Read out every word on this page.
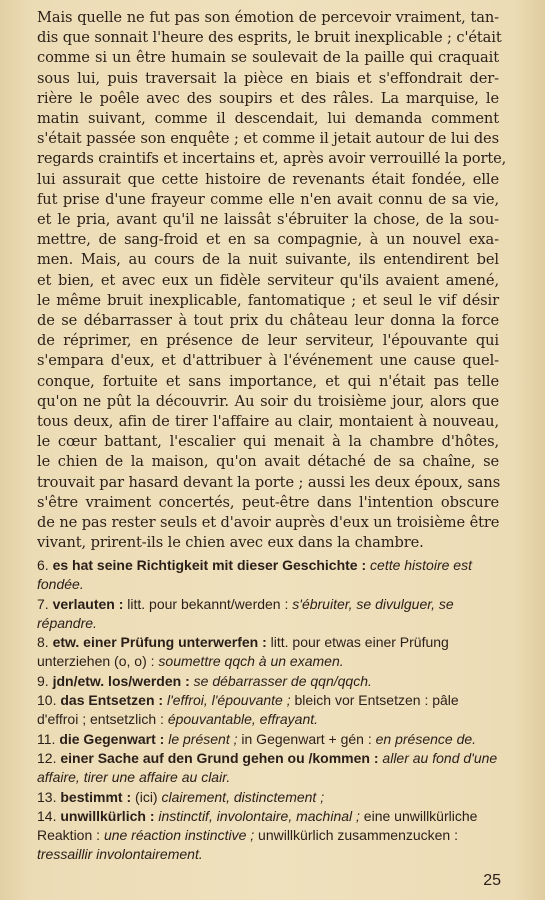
Mais quelle ne fut pas son émotion de percevoir vraiment, tan-
dis que sonnait l'heure des esprits, le bruit inexplicable ; c'était
comme si un être humain se soulevait de la paille qui craquait
sous lui, puis traversait la pièce en biais et s'effondrait der-
rière le poêle avec des soupirs et des râles. La marquise, le
matin suivant, comme il descendait, lui demanda comment
s'était passée son enquête ; et comme il jetait autour de lui des
regards craintifs et incertains et, après avoir verrouillé la porte,
lui assurait que cette histoire de revenants était fondée, elle
fut prise d'une frayeur comme elle n'en avait connu de sa vie,
et le pria, avant qu'il ne laissât s'ébruiter la chose, de la sou-
mettre, de sang-froid et en sa compagnie, à un nouvel exa-
men. Mais, au cours de la nuit suivante, ils entendirent bel
et bien, et avec eux un fidèle serviteur qu'ils avaient amené,
le même bruit inexplicable, fantomatique ; et seul le vif désir
de se débarrasser à tout prix du château leur donna la force
de réprimer, en présence de leur serviteur, l'épouvante qui
s'empara d'eux, et d'attribuer à l'événement une cause quel-
conque, fortuite et sans importance, et qui n'était pas telle
qu'on ne pût la découvrir. Au soir du troisième jour, alors que
tous deux, afin de tirer l'affaire au clair, montaient à nouveau,
le cœur battant, l'escalier qui menait à la chambre d'hôtes,
le chien de la maison, qu'on avait détaché de sa chaîne, se
trouvait par hasard devant la porte ; aussi les deux époux, sans
s'être vraiment concertés, peut-être dans l'intention obscure
de ne pas rester seuls et d'avoir auprès d'eux un troisième être
vivant, prirent-ils le chien avec eux dans la chambre.

6. es hat seine Richtigkeit mit dieser Geschichte : cette histoire est fondée.

7. verlauten : litt. pour bekannt/werden : s'ébruiter, se divulguer, se répandre.

8. etw. einer Prüfung unterwerfen : litt. pour etwas einer Prüfung unterziehen (o, o) : soumettre qqch à un examen.

9. jdn/etw. los/werden : se débarrasser de qqn/qqch.

10. das Entsetzen : l'effroi, l'épouvante ; bleich vor Entsetzen : pâle d'effroi ; entsetzlich : épouvantable, effrayant.

11. die Gegenwart : le présent ; in Gegenwart + gén : en présence de.

12. einer Sache auf den Grund gehen ou /kommen : aller au fond d'une affaire, tirer une affaire au clair.

13. bestimmt : (ici) clairement, distinctement ;

14. unwillkürlich : instinctif, involontaire, machinal ; eine unwillkürliche Reaktion : une réaction instinctive ; unwillkürlich zusammenzucken : tressaillir involontairement.

25
